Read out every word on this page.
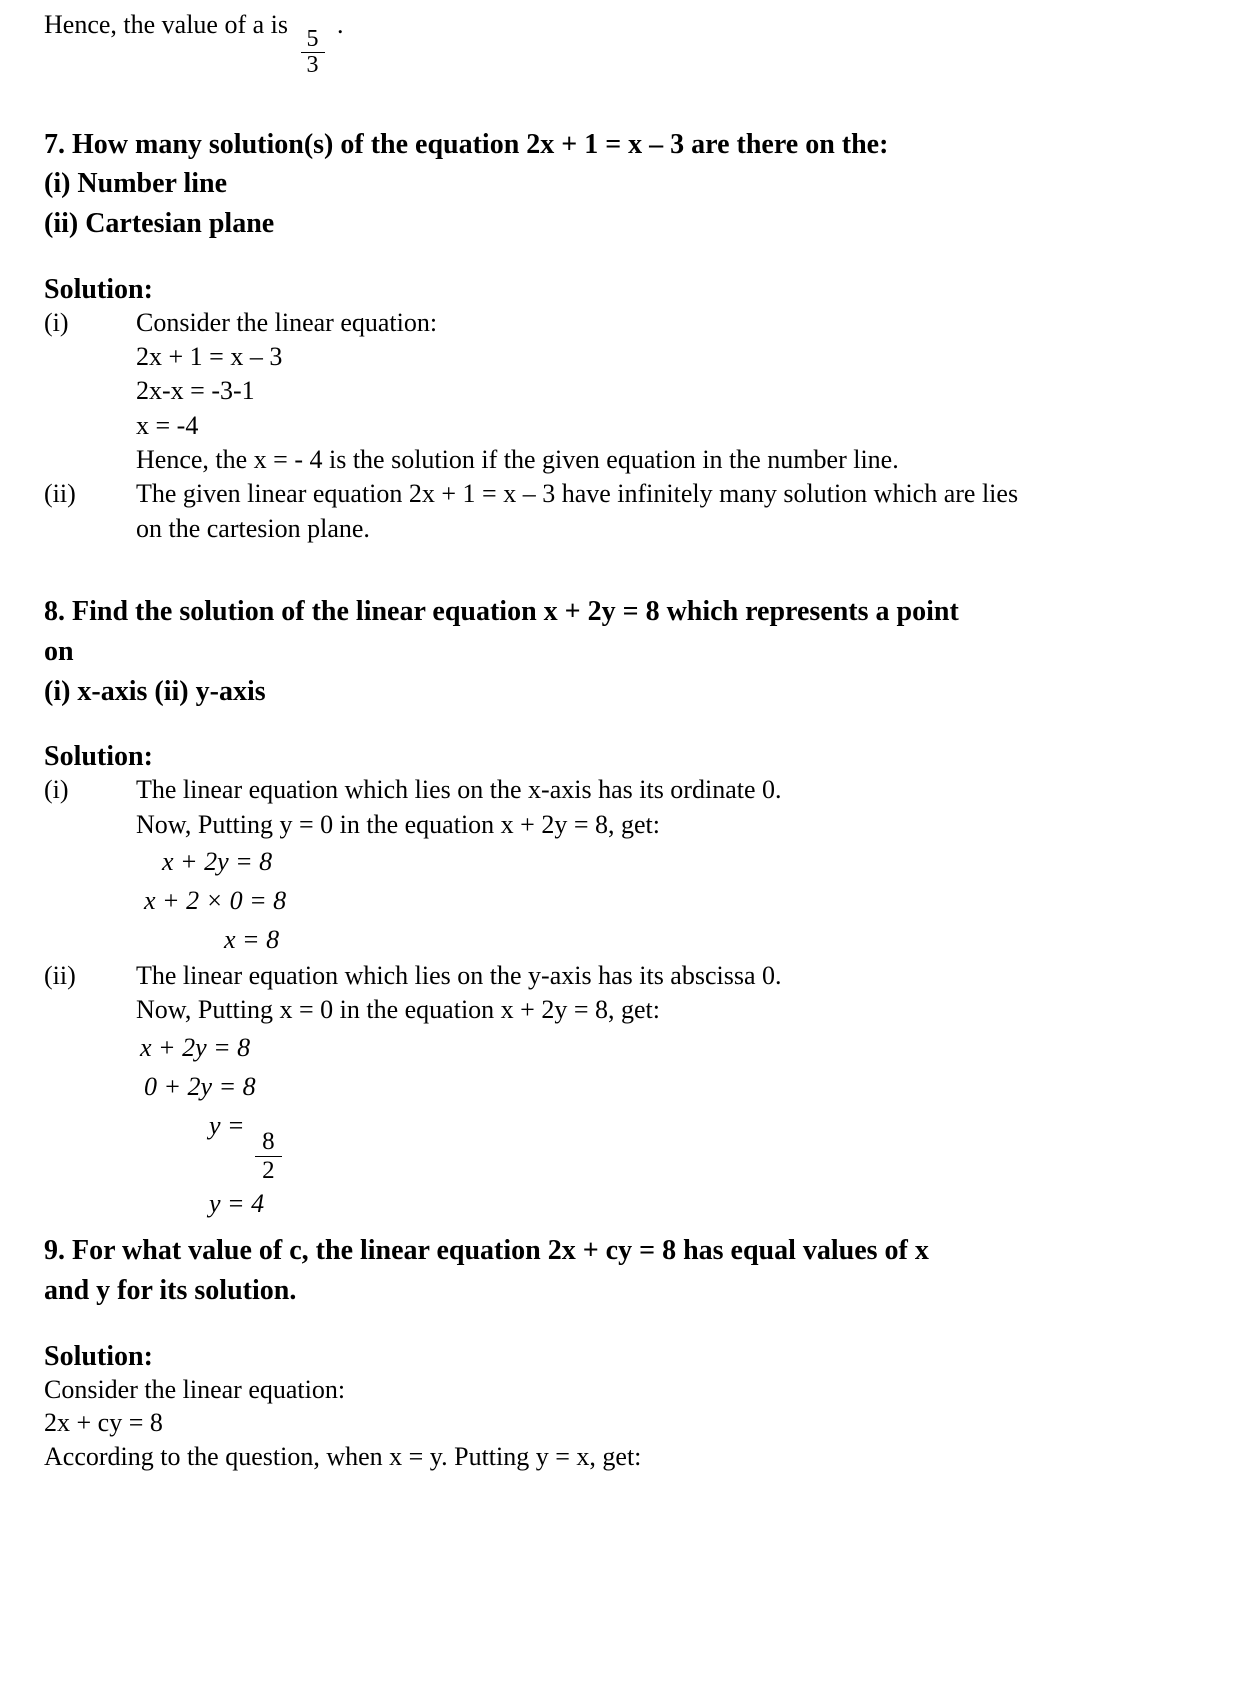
Hence, the value of a is
$\frac{5}{3}$
.
7. How many solution(s) of the equation 2x + 1 = x – 3 are there on the:
(i) Number line
(ii) Cartesian plane
Solution:
(i)	Consider the linear equation:
2x + 1 = x – 3
2x-x = -3-1
x = -4
Hence, the x = - 4 is the solution if the given equation in the number line.
(ii)	The given linear equation 2x + 1 = x – 3 have infinitely many solution which are lies
on the cartesion plane.
8. Find the solution of the linear equation x + 2y = 8 which represents a point
on
(i) x-axis (ii) y-axis
Solution:
(i)	The linear equation which lies on the x-axis has its ordinate 0.
Now, Putting y = 0 in the equation x + 2y = 8, get:
x + 2y = 8
x + 2 × 0 = 8
x = 8
(ii)	The linear equation which lies on the y-axis has its abscissa 0.
Now, Putting x = 0 in the equation x + 2y = 8, get:
x + 2y = 8
0 + 2y = 8
y =
$\frac{8}{2}$
y = 4
9. For what value of c, the linear equation 2x + cy = 8 has equal values of x
and y for its solution.
Solution:
Consider the linear equation:
2x + cy = 8
According to the question, when x = y. Putting y = x, get:
